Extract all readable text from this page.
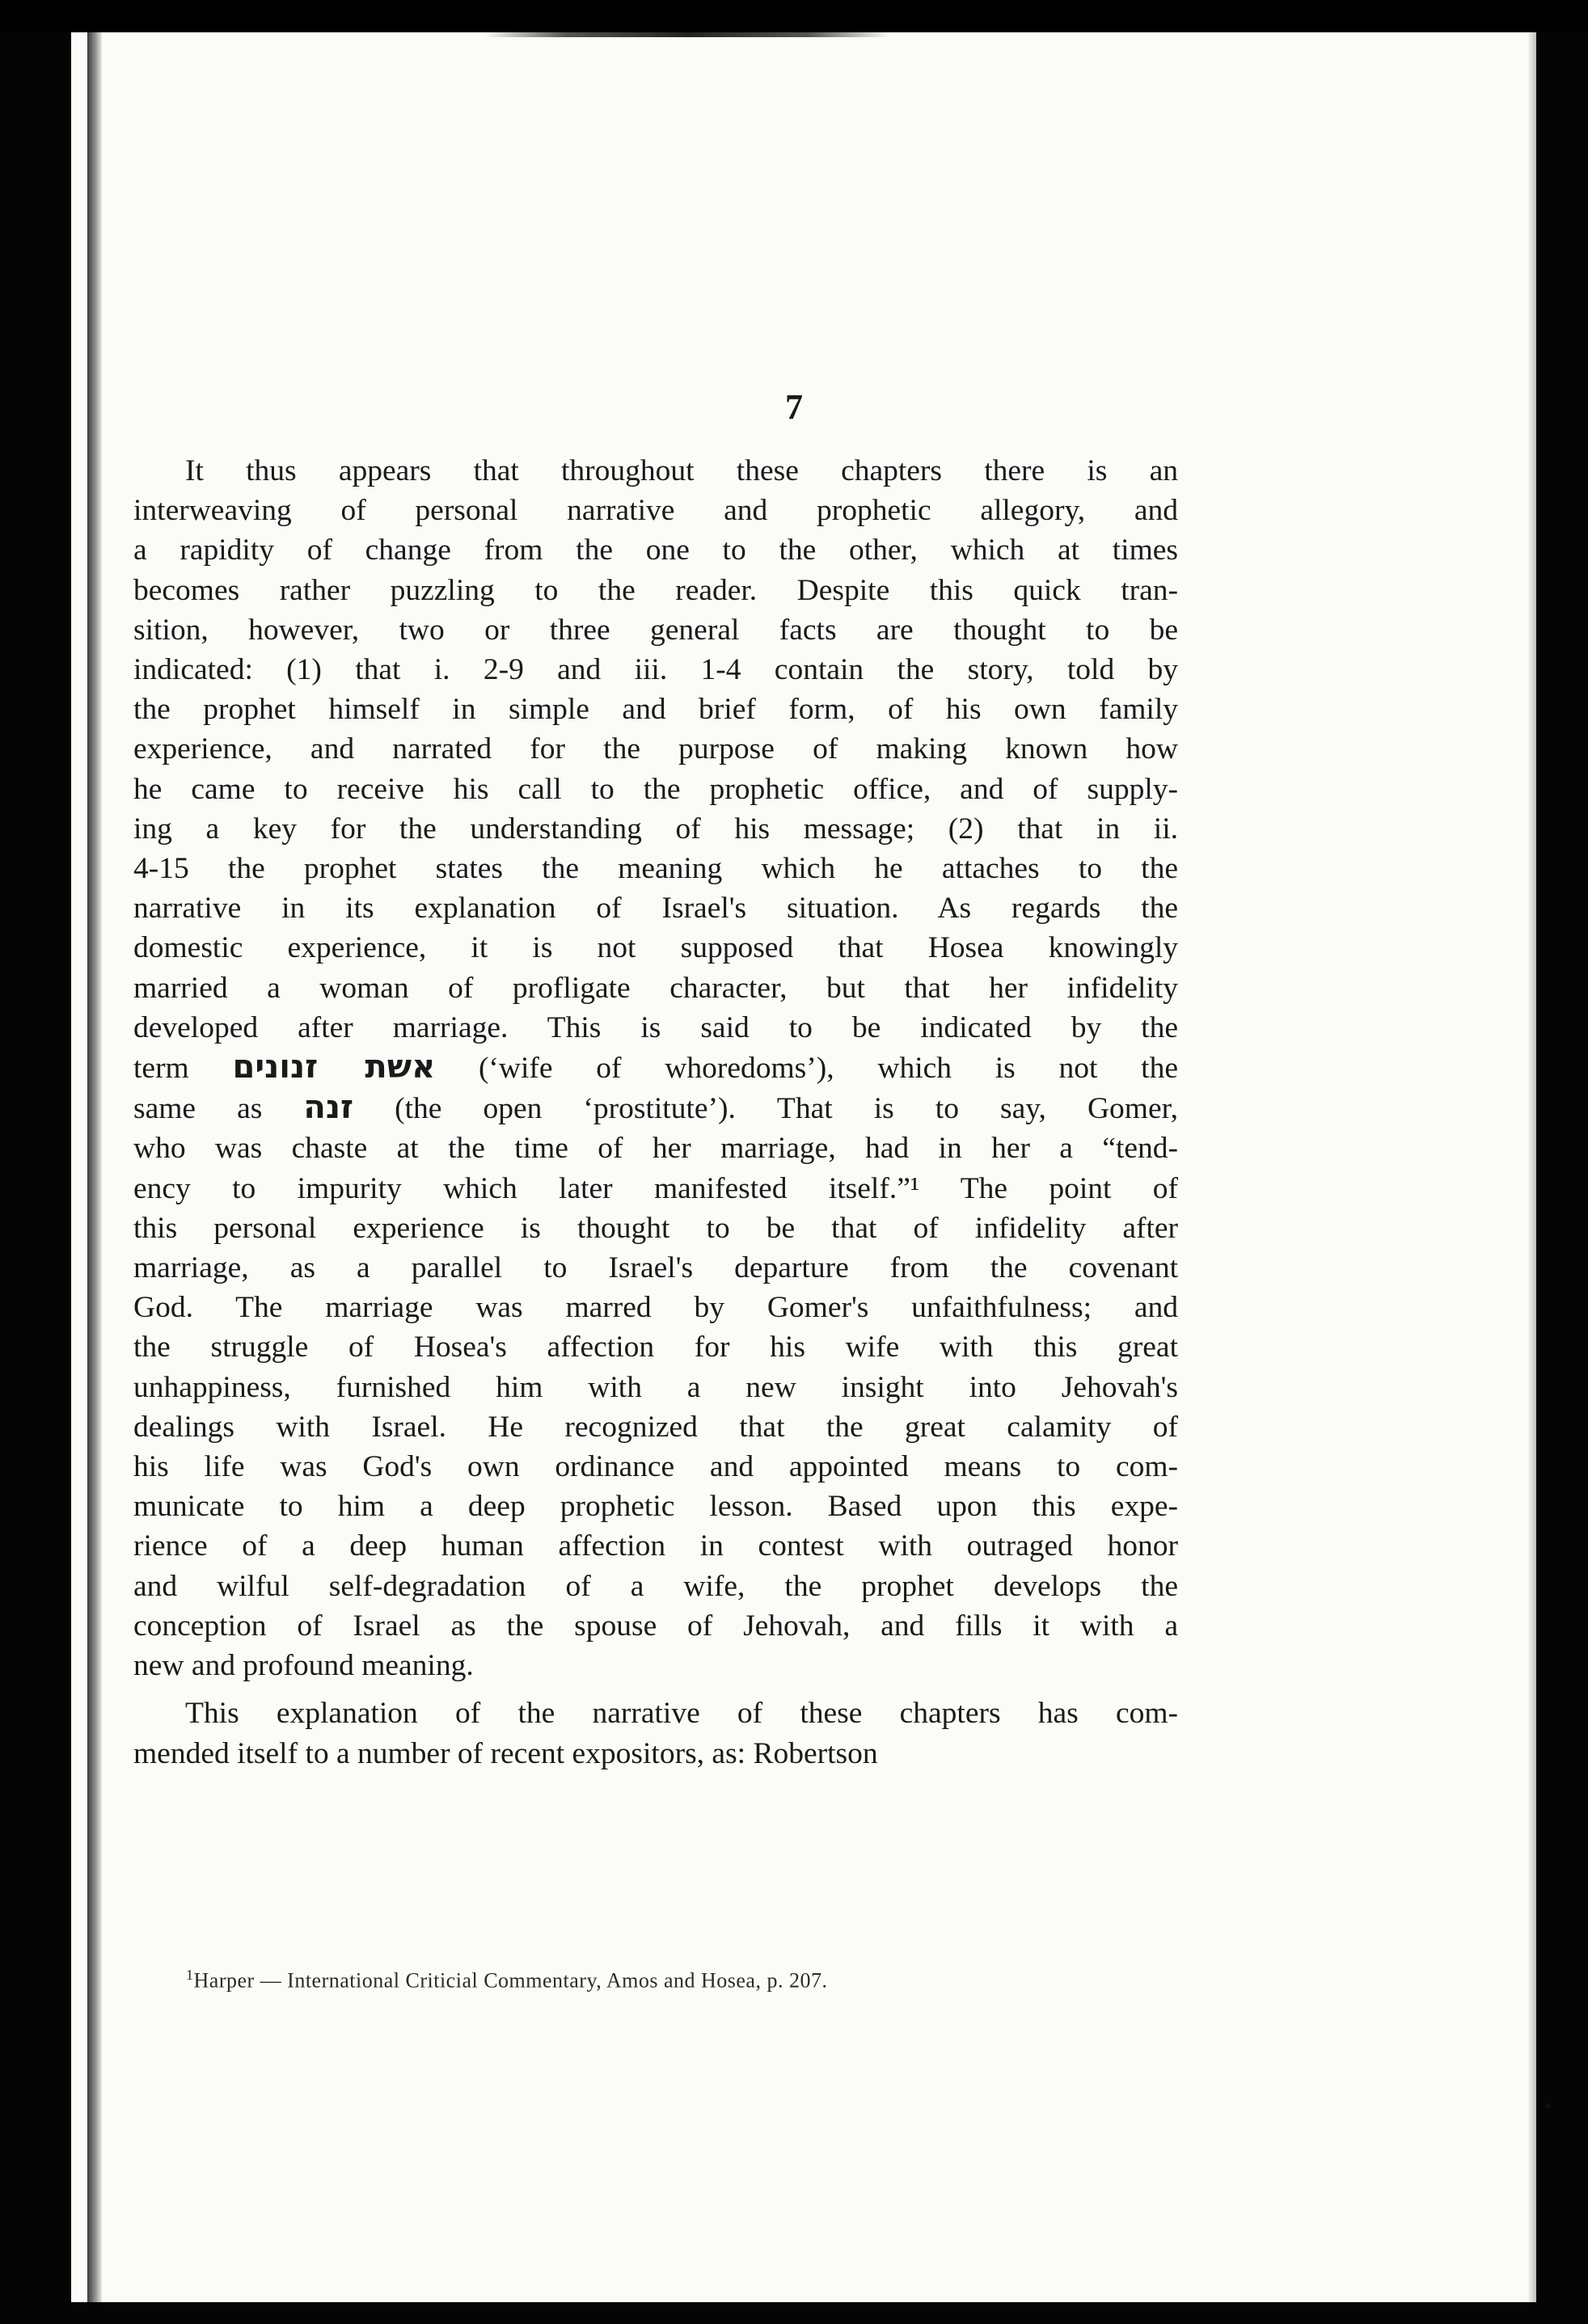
7

It thus appears that throughout these chapters there is an
interweaving of personal narrative and prophetic allegory, and
a rapidity of change from the one to the other, which at times
becomes rather puzzling to the reader. Despite this quick tran-
sition, however, two or three general facts are thought to be
indicated: (1) that i. 2-9 and iii. 1-4 contain the story, told by
the prophet himself in simple and brief form, of his own family
experience, and narrated for the purpose of making known how
he came to receive his call to the prophetic office, and of supply-
ing a key for the understanding of his message; (2) that in ii.
4-15 the prophet states the meaning which he attaches to the
narrative in its explanation of Israel's situation. As regards the
domestic experience, it is not supposed that Hosea knowingly
married a woman of profligate character, but that her infidelity
developed after marriage. This is said to be indicated by the
term אשת זנונים (‘wife of whoredoms’), which is not the
same as זנה (the open ‘prostitute’). That is to say, Gomer,
who was chaste at the time of her marriage, had in her a “tend-
ency to impurity which later manifested itself.”¹ The point of
this personal experience is thought to be that of infidelity after
marriage, as a parallel to Israel's departure from the covenant
God. The marriage was marred by Gomer's unfaithfulness; and
the struggle of Hosea's affection for his wife with this great
unhappiness, furnished him with a new insight into Jehovah's
dealings with Israel. He recognized that the great calamity of
his life was God's own ordinance and appointed means to com-
municate to him a deep prophetic lesson. Based upon this expe-
rience of a deep human affection in contest with outraged honor
and wilful self-degradation of a wife, the prophet develops the
conception of Israel as the spouse of Jehovah, and fills it with a
new and profound meaning.

This explanation of the narrative of these chapters has com-
mended itself to a number of recent expositors, as: Robertson

$^1$Harper — International Criticial Commentary, Amos and Hosea, p. 207.
